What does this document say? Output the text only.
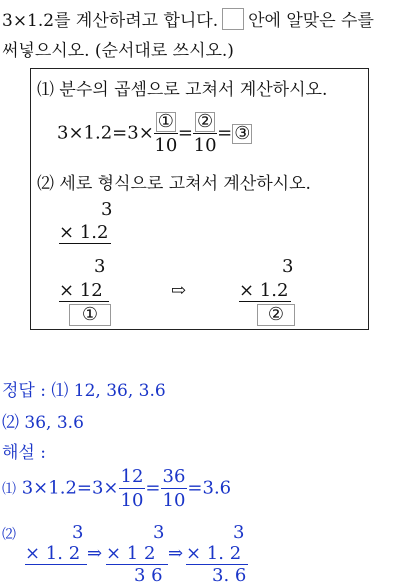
3×1.2를 계산하려고 합니다. 안에 알맞은 수를
써넣으시오. (순서대로 쓰시오.)
⑴ 분수의 곱셈으로 고쳐서 계산하시오.
$3\times 1.2=3\times \frac{\text{①}}{10} = \frac{\text{②}}{10}$ = ③
⑵ 세로 형식으로 고쳐서 계산하시오.
3
× 1.2
3
× 12
①
⇨
3
× 1.2
②
정답 : ⑴ 12, 36, 3.6
⑵ 36, 3.6
해설 :
⑴ $3\times 1.2=3\times \frac{12}{10} = \frac{36}{10} =3.6$
⑵	3
× 1. 2 ⇒
3
× 1 2
3 6
⇒
3
× 1. 2
3. 6
